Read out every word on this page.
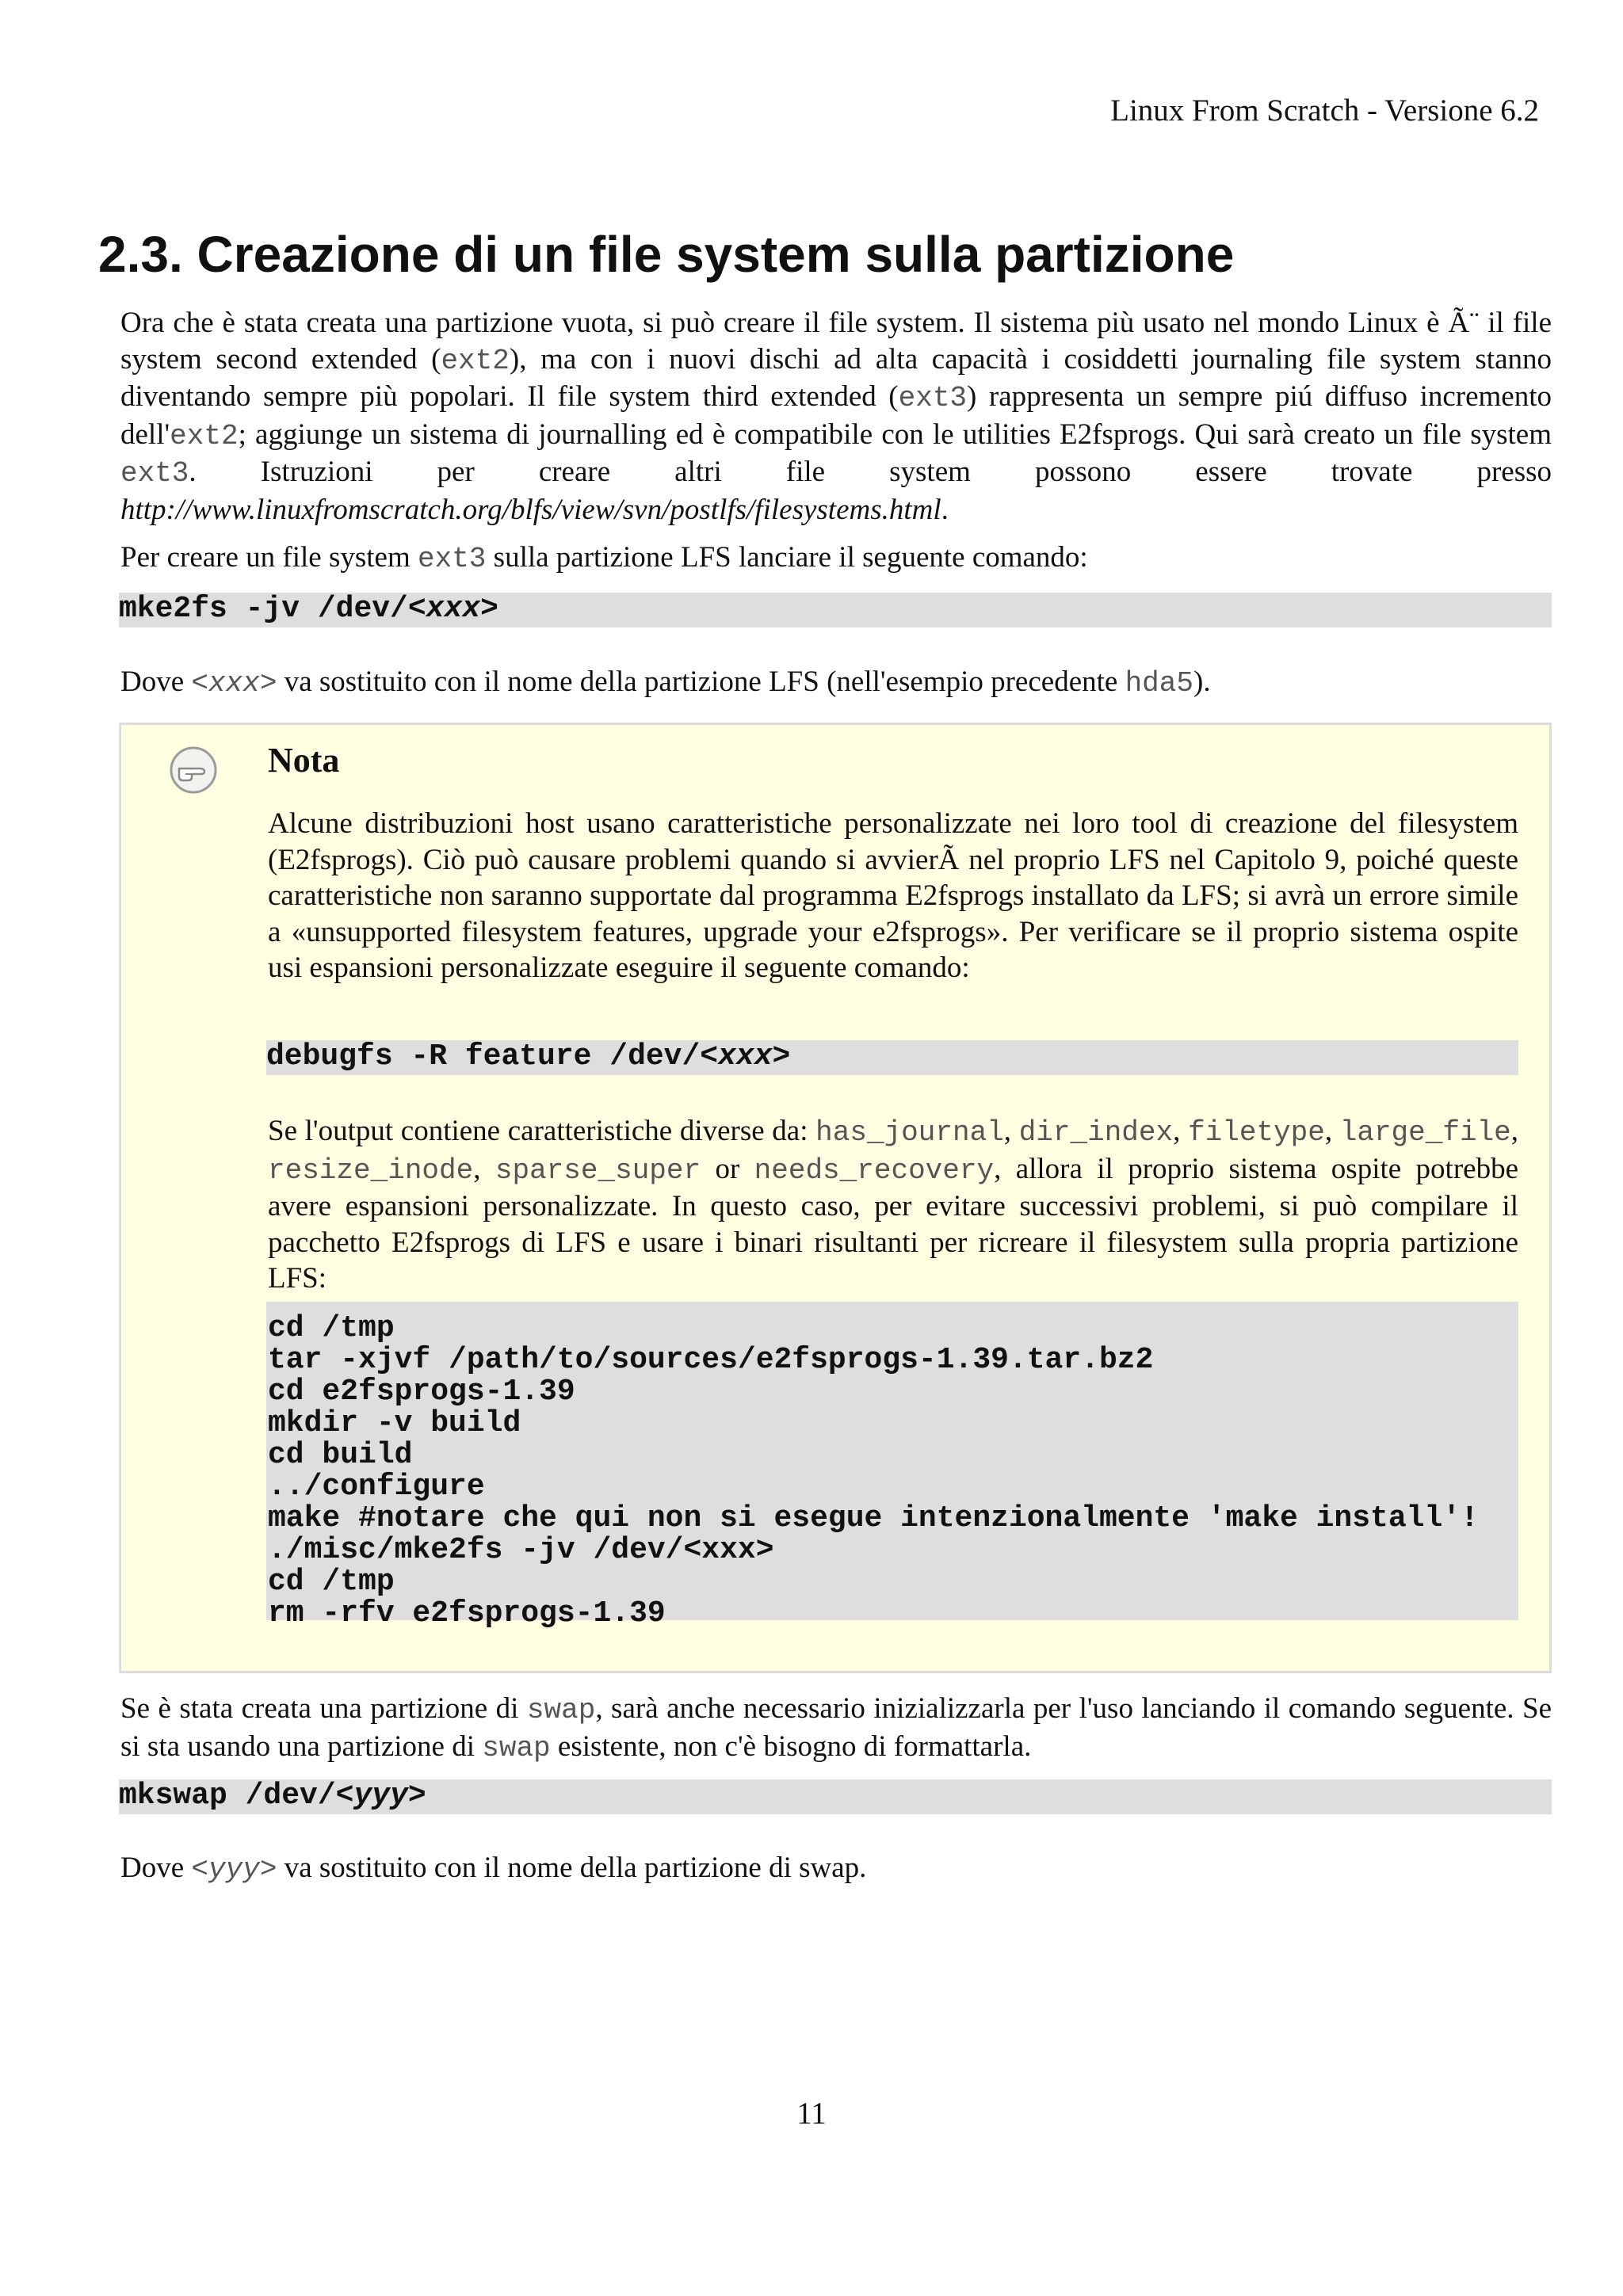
Linux From Scratch - Versione 6.2
2.3. Creazione di un file system sulla partizione

Ora che è stata creata una partizione vuota, si può creare il file system. Il sistema più usato nel mondo Linux è Ã¨ il file system second extended (ext2), ma con i nuovi dischi ad alta capacità i cosiddetti journaling file system stanno diventando sempre più popolari. Il file system third extended (ext3) rappresenta un sempre piú diffuso incremento dell'ext2; aggiunge un sistema di journalling ed è compatibile con le utilities E2fsprogs. Qui sarà creato un file system ext3. Istruzioni per creare altri file system possono essere trovate presso http://www.linuxfromscratch.org/blfs/view/svn/postlfs/filesystems.html.

Per creare un file system ext3 sulla partizione LFS lanciare il seguente comando:

mke2fs -jv /dev/<xxx>

Dove <xxx> va sostituito con il nome della partizione LFS (nell'esempio precedente hda5).

Nota

Alcune distribuzioni host usano caratteristiche personalizzate nei loro tool di creazione del filesystem (E2fsprogs). Ciò può causare problemi quando si avvierÃ nel proprio LFS nel Capitolo 9, poiché queste caratteristiche non saranno supportate dal programma E2fsprogs installato da LFS; si avrà un errore simile a «unsupported filesystem features, upgrade your e2fsprogs». Per verificare se il proprio sistema ospite usi espansioni personalizzate eseguire il seguente comando:

debugfs -R feature /dev/<xxx>

Se l'output contiene caratteristiche diverse da: has_journal, dir_index, filetype, large_file, resize_inode, sparse_super or needs_recovery, allora il proprio sistema ospite potrebbe avere espansioni personalizzate. In questo caso, per evitare successivi problemi, si può compilare il pacchetto E2fsprogs di LFS e usare i binari risultanti per ricreare il filesystem sulla propria partizione LFS:

cd /tmp
tar -xjvf /path/to/sources/e2fsprogs-1.39.tar.bz2
cd e2fsprogs-1.39
mkdir -v build
cd build
../configure
make #notare che qui non si esegue intenzionalmente 'make install'!
./misc/mke2fs -jv /dev/<xxx>
cd /tmp
rm -rfv e2fsprogs-1.39

Se è stata creata una partizione di swap, sarà anche necessario inizializzarla per l'uso lanciando il comando seguente. Se si sta usando una partizione di swap esistente, non c'è bisogno di formattarla.

mkswap /dev/<yyy>

Dove <yyy> va sostituito con il nome della partizione di swap.

11
